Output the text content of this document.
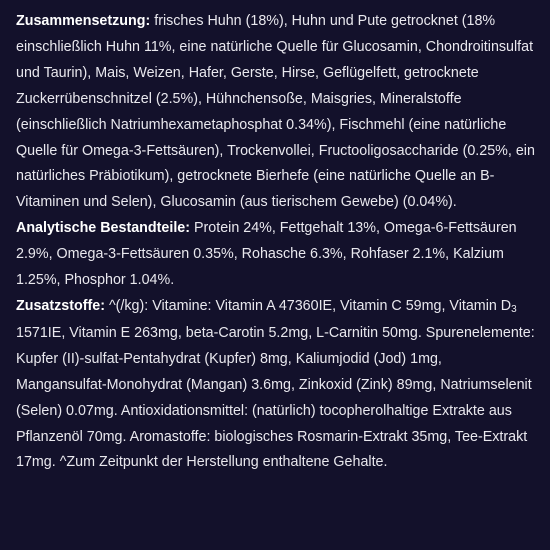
Zusammensetzung: frisches Huhn (18%), Huhn und Pute getrocknet (18% einschließlich Huhn 11%, eine natürliche Quelle für Glucosamin, Chondroitinsulfat und Taurin), Mais, Weizen, Hafer, Gerste, Hirse, Geflügelfett, getrocknete Zuckerrübenschnitzel (2.5%), Hühnchensoße, Maisgries, Mineralstoffe (einschließlich Natriumhexametaphosphat 0.34%), Fischmehl (eine natürliche Quelle für Omega-3-Fettsäuren), Trockenvollei, Fructooligosaccharide (0.25%, ein natürliches Präbiotikum), getrocknete Bierhefe (eine natürliche Quelle an B-Vitaminen und Selen), Glucosamin (aus tierischem Gewebe) (0.04%).

Analytische Bestandteile: Protein 24%, Fettgehalt 13%, Omega-6-Fettsäuren 2.9%, Omega-3-Fettsäuren 0.35%, Rohasche 6.3%, Rohfaser 2.1%, Kalzium 1.25%, Phosphor 1.04%.

Zusatzstoffe: ^(/kg): Vitamine: Vitamin A 47360IE, Vitamin C 59mg, Vitamin $D_3$ 1571IE, Vitamin E 263mg, beta-Carotin 5.2mg, L-Carnitin 50mg. Spurenelemente: Kupfer (II)-sulfat-Pentahydrat (Kupfer) 8mg, Kaliumjodid (Jod) 1mg, Mangansulfat-Monohydrat (Mangan) 3.6mg, Zinkoxid (Zink) 89mg, Natriumselenit (Selen) 0.07mg. Antioxidationsmittel: (natürlich) tocopherolhaltige Extrakte aus Pflanzenöl 70mg. Aromastoffe: biologisches Rosmarin-Extrakt 35mg, Tee-Extrakt 17mg. ^Zum Zeitpunkt der Herstellung enthaltene Gehalte.
